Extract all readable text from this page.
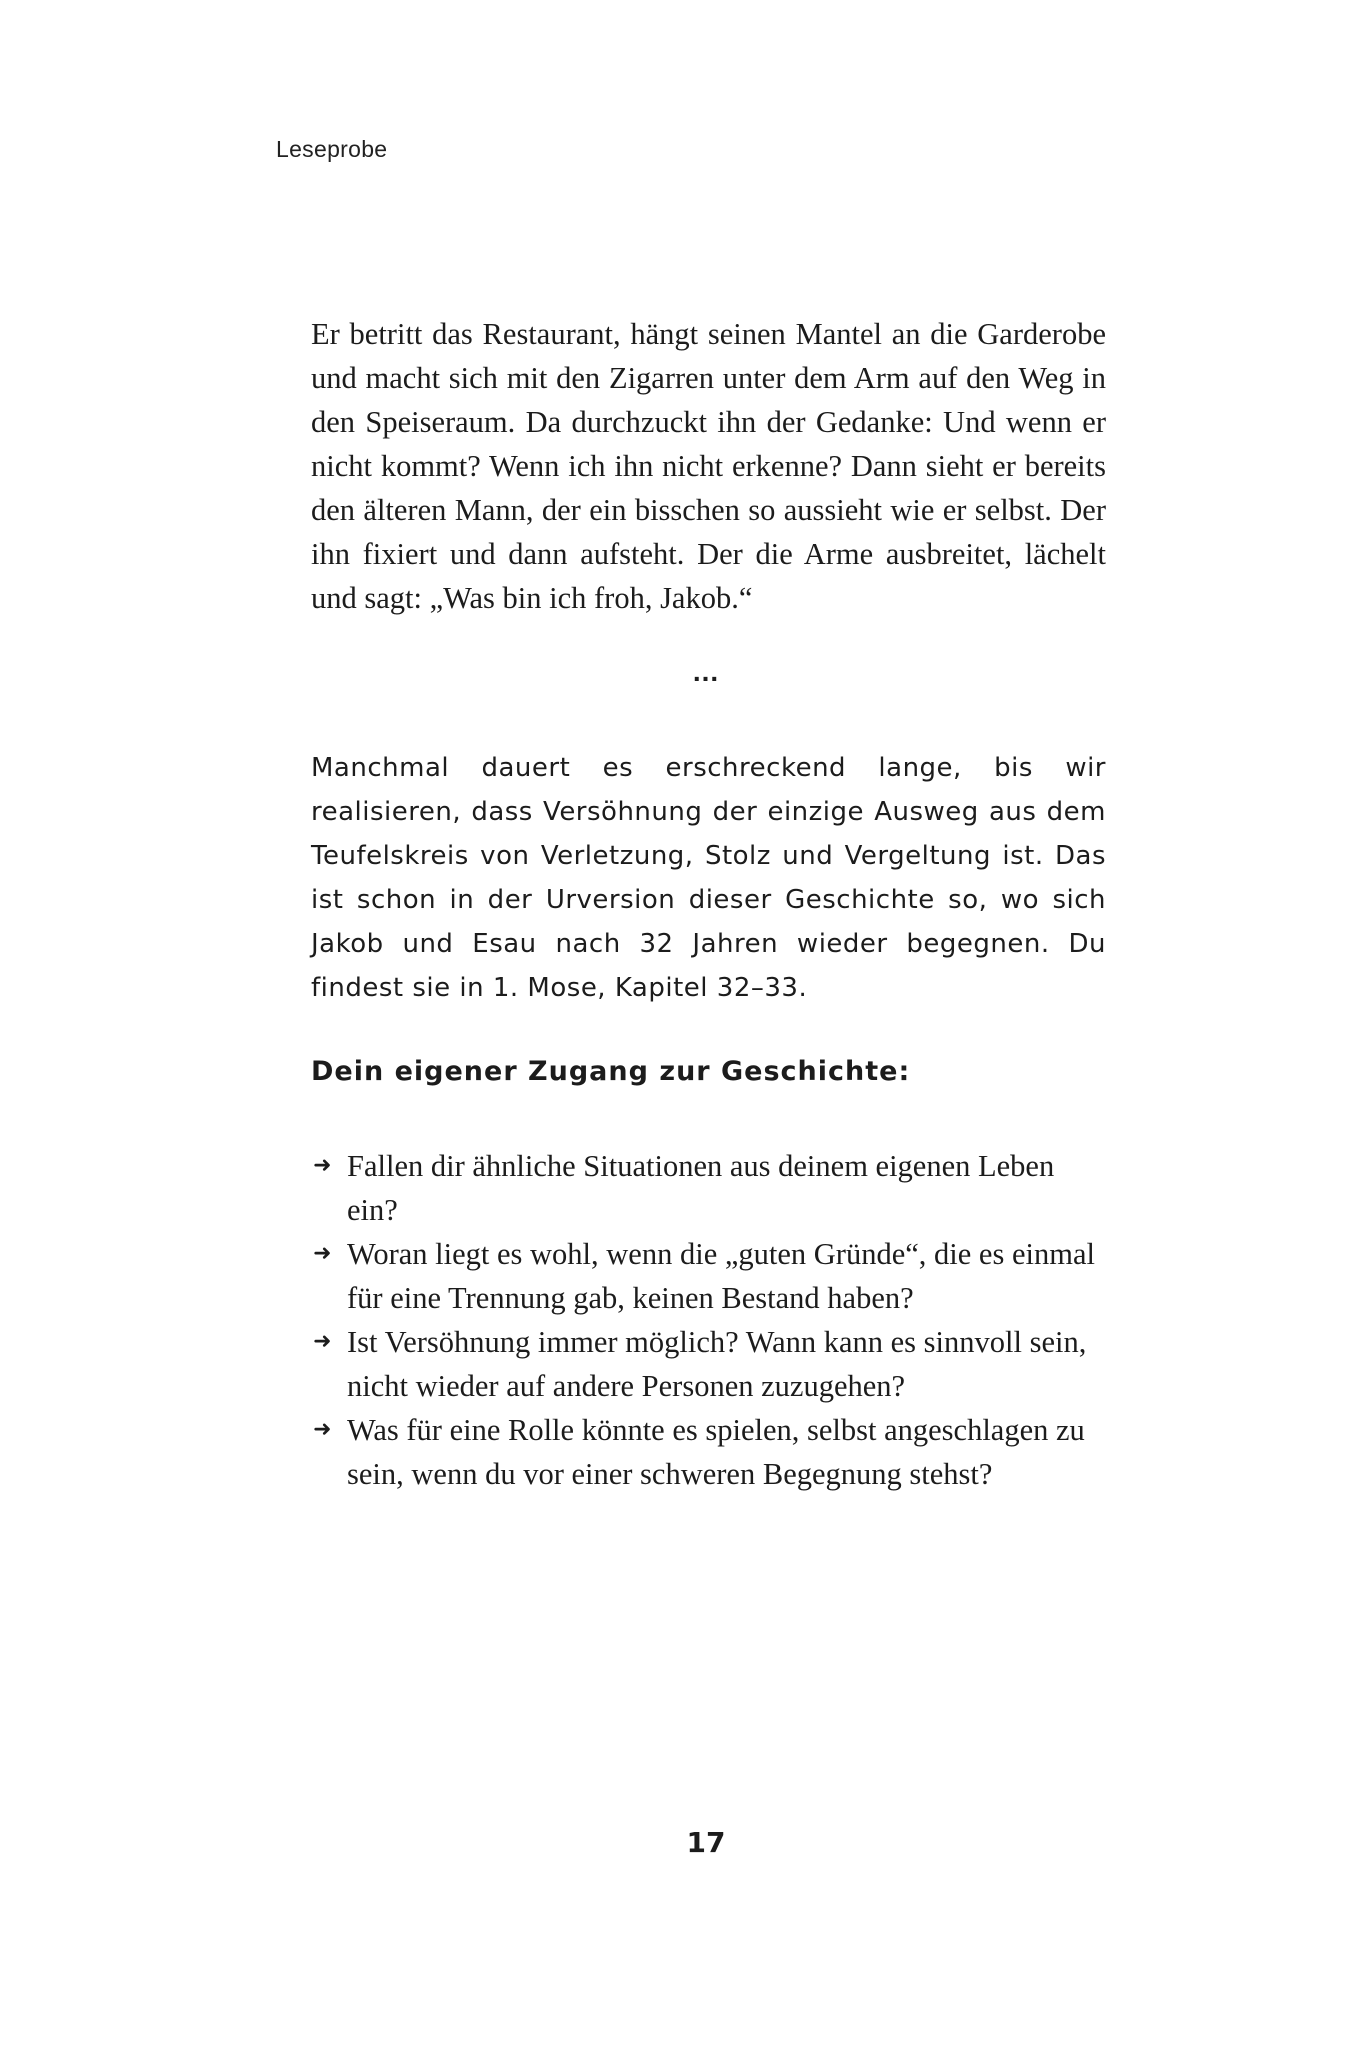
Leseprobe

Er betritt das Restaurant, hängt seinen Mantel an die Garderobe und macht sich mit den Zigarren unter dem Arm auf den Weg in den Speiseraum. Da durchzuckt ihn der Gedanke: Und wenn er nicht kommt? Wenn ich ihn nicht erkenne? Dann sieht er bereits den älteren Mann, der ein bisschen so aussieht wie er selbst. Der ihn fixiert und dann aufsteht. Der die Arme ausbreitet, lächelt und sagt: „Was bin ich froh, Jakob.“

...

Manchmal dauert es erschreckend lange, bis wir realisieren, dass Versöhnung der einzige Ausweg aus dem Teufelskreis von Verletzung, Stolz und Vergeltung ist. Das ist schon in der Urversion dieser Geschichte so, wo sich Jakob und Esau nach 32 Jahren wieder begegnen. Du findest sie in 1. Mose, Kapitel 32–33.

Dein eigener Zugang zur Geschichte:
➜ Fallen dir ähnliche Situationen aus deinem eigenen Leben ein?
➜ Woran liegt es wohl, wenn die „guten Gründe“, die es einmal für eine Trennung gab, keinen Bestand haben?
➜ Ist Versöhnung immer möglich? Wann kann es sinnvoll sein, nicht wieder auf andere Personen zuzugehen?
➜ Was für eine Rolle könnte es spielen, selbst angeschlagen zu sein, wenn du vor einer schweren Begegnung stehst?
17
